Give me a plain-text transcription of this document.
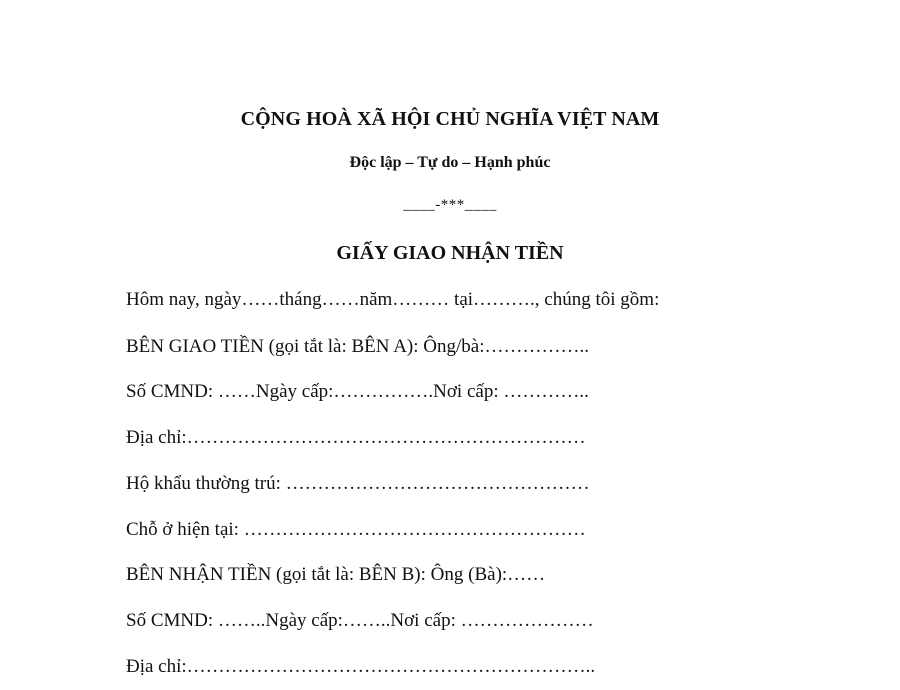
CỘNG HOÀ XÃ HỘI CHỦ NGHĨA VIỆT NAM
Độc lập – Tự do – Hạnh phúc
____-***____
GIẤY GIAO NHẬN TIỀN
Hôm nay, ngày……tháng……năm……… tại………., chúng tôi gồm:
BÊN GIAO TIỀN (gọi tắt là: BÊN A): Ông/bà:……………..
Số CMND: ……Ngày cấp:…………….Nơi cấp: …………..
Địa chỉ:………………………………………………………
Hộ khẩu thường trú: …………………………………………
Chỗ ở hiện tại: ………………………………………………
BÊN NHẬN TIỀN (gọi tắt là: BÊN B): Ông (Bà):……
Số CMND: ……..Ngày cấp:……..Nơi cấp: …………………
Địa chỉ:………………………………………………………..
